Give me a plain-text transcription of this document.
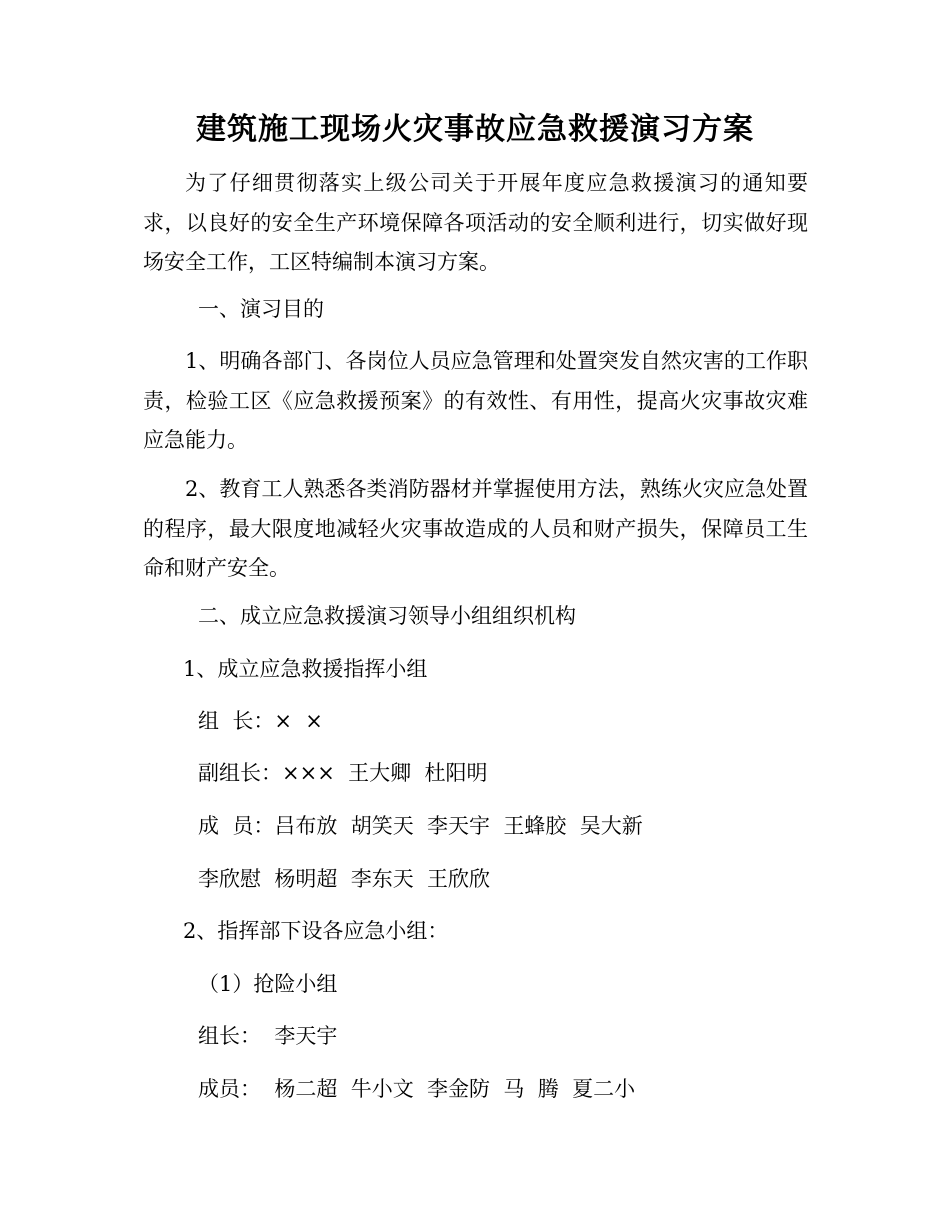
建筑施工现场火灾事故应急救援演习方案

为了仔细贯彻落实上级公司关于开展年度应急救援演习的通知要求，以良好的安全生产环境保障各项活动的安全顺利进行，切实做好现场安全工作，工区特编制本演习方案。

一、演习目的

1、明确各部门、各岗位人员应急管理和处置突发自然灾害的工作职责，检验工区《应急救援预案》的有效性、有用性，提高火灾事故灾难应急能力。

2、教育工人熟悉各类消防器材并掌握使用方法，熟练火灾应急处置的程序，最大限度地减轻火灾事故造成的人员和财产损失，保障员工生命和财产安全。

二、成立应急救援演习领导小组组织机构

1、成立应急救援指挥小组

组  长：×  ×

副组长：×××  王大卿  杜阳明

成  员：吕布放  胡笑天  李天宇  王蜂胶  吴大新

李欣慰  杨明超  李东天  王欣欣

2、指挥部下设各应急小组：

（1）抢险小组

组长：  李天宇

成员：  杨二超  牛小文  李金防  马  腾  夏二小
